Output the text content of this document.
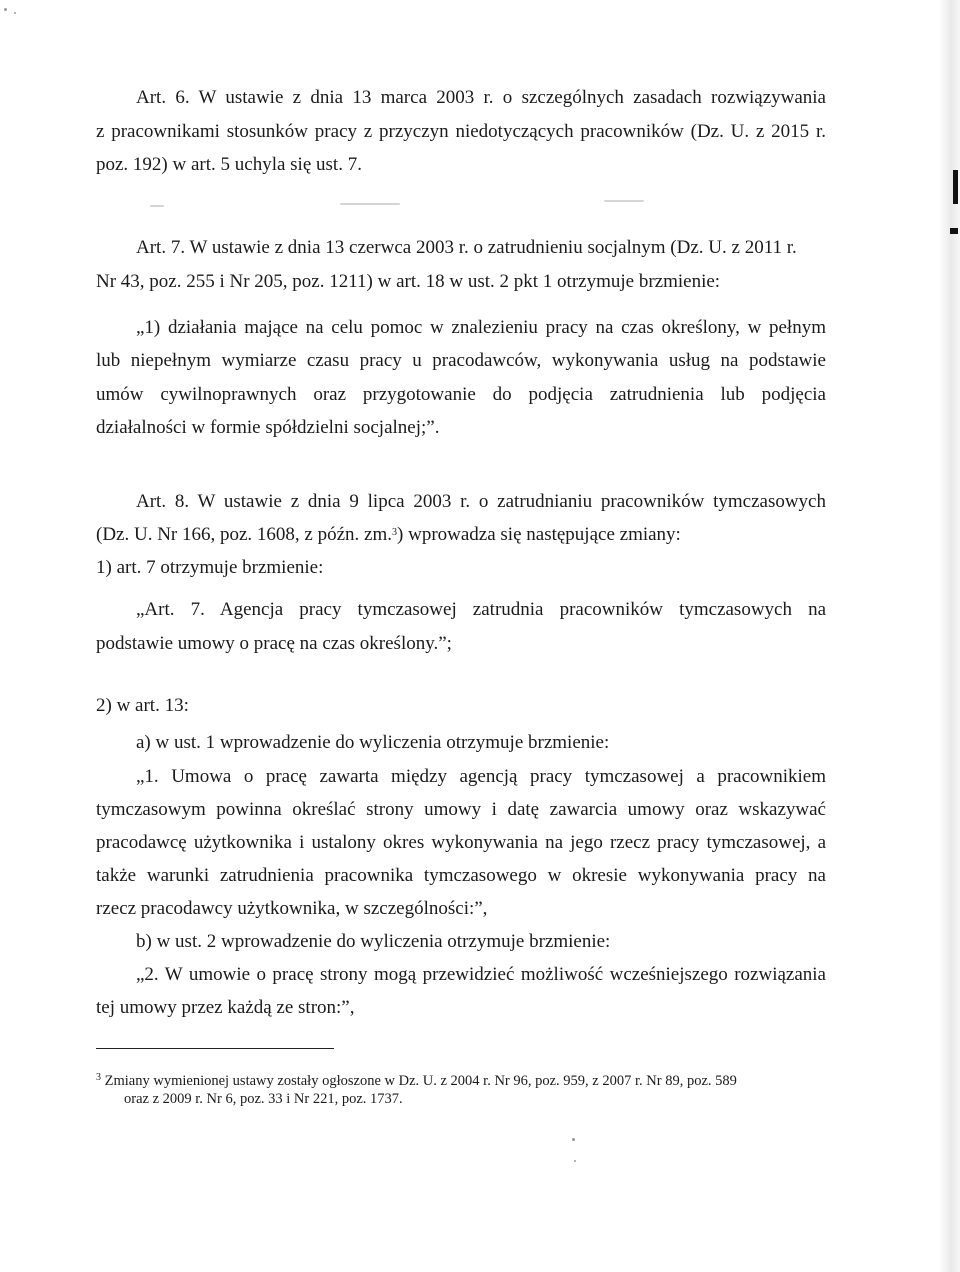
Art. 6. W ustawie z dnia 13 marca 2003 r. o szczególnych zasadach rozwiązywania
z pracownikami stosunków pracy z przyczyn niedotyczących pracowników (Dz. U. z 2015 r.
poz. 192) w art. 5 uchyla się ust. 7.
Art. 7. W ustawie z dnia 13 czerwca 2003 r. o zatrudnieniu socjalnym (Dz. U. z 2011 r.
Nr 43, poz. 255 i Nr 205, poz. 1211) w art. 18 w ust. 2 pkt 1 otrzymuje brzmienie:
„1) działania mające na celu pomoc w znalezieniu pracy na czas określony, w pełnym
lub niepełnym wymiarze czasu pracy u pracodawców, wykonywania usług na podstawie
umów cywilnoprawnych oraz przygotowanie do podjęcia zatrudnienia lub podjęcia
działalności w formie spółdzielni socjalnej;”.
Art. 8. W ustawie z dnia 9 lipca 2003 r. o zatrudnianiu pracowników tymczasowych
(Dz. U. Nr 166, poz. 1608, z późn. zm.$^3$) wprowadza się następujące zmiany:
1) art. 7 otrzymuje brzmienie:
„Art. 7. Agencja pracy tymczasowej zatrudnia pracowników tymczasowych na
podstawie umowy o pracę na czas określony.”;
2) w art. 13:
a) w ust. 1 wprowadzenie do wyliczenia otrzymuje brzmienie:
„1. Umowa o pracę zawarta między agencją pracy tymczasowej a pracownikiem
tymczasowym powinna określać strony umowy i datę zawarcia umowy oraz wskazywać
pracodawcę użytkownika i ustalony okres wykonywania na jego rzecz pracy tymczasowej, a
także warunki zatrudnienia pracownika tymczasowego w okresie wykonywania pracy na
rzecz pracodawcy użytkownika, w szczególności:”,
b) w ust. 2 wprowadzenie do wyliczenia otrzymuje brzmienie:
„2. W umowie o pracę strony mogą przewidzieć możliwość wcześniejszego rozwiązania
tej umowy przez każdą ze stron:”,
$^3$ Zmiany wymienionej ustawy zostały ogłoszone w Dz. U. z 2004 r. Nr 96, poz. 959, z 2007 r. Nr 89, poz. 589
oraz z 2009 r. Nr 6, poz. 33 i Nr 221, poz. 1737.
